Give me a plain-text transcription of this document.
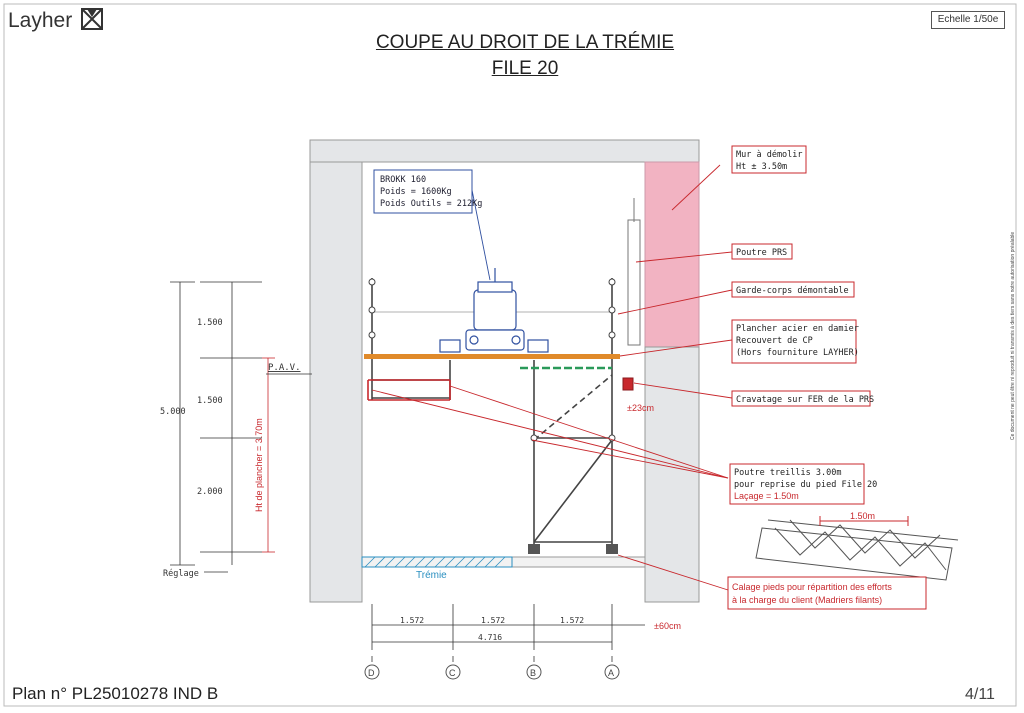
Layher	Echelle 1/50e
COUPE AU DROIT DE LA TRÉMIE
FILE 20
BROKK 160
Poids = 1600Kg
Poids Outils = 212Kg
Mur à démolir
Ht ± 3.50m
Poutre PRS
Garde-corps démontable
Plancher acier en damier
Recouvert de CP
(Hors fourniture LAYHER)
Cravatage sur FER de la PRS
Poutre treillis 3.00m
pour reprise du pied File 20
Laçage = 1.50m
Calage pieds pour répartition des efforts
à la charge du client (Madriers filants)
1.50m
5.000
1.500
1.500
2.000
Réglage
P.A.V.
Ht de plancher = 3.70m
±23cm
±60cm
1.572	1.572	1.572
4.716
Trémie
D	C	B	A
Plan n° PL25010278 IND B	4/11
Ce document ne peut être ni reproduit ni transmis à des tiers sans notre autorisation préalable
